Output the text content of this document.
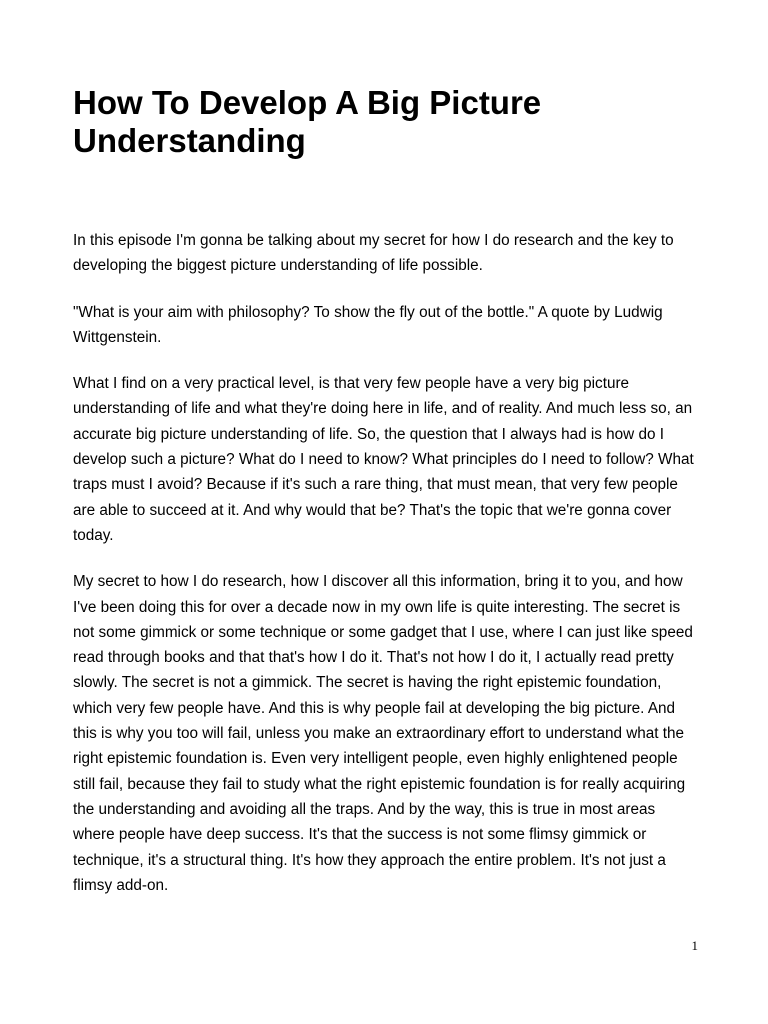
How To Develop A Big Picture Understanding

In this episode I'm gonna be talking about my secret for how I do research and the key to developing the biggest picture understanding of life possible.

"What is your aim with philosophy? To show the fly out of the bottle." A quote by Ludwig Wittgenstein.

What I find on a very practical level, is that very few people have a very big picture understanding of life and what they're doing here in life, and of reality. And much less so, an accurate big picture understanding of life. So, the question that I always had is how do I develop such a picture? What do I need to know? What principles do I need to follow? What traps must I avoid? Because if it's such a rare thing, that must mean, that very few people are able to succeed at it. And why would that be? That's the topic that we're gonna cover today.

My secret to how I do research, how I discover all this information, bring it to you, and how I've been doing this for over a decade now in my own life is quite interesting. The secret is not some gimmick or some technique or some gadget that I use, where I can just like speed read through books and that that's how I do it. That's not how I do it, I actually read pretty slowly. The secret is not a gimmick. The secret is having the right epistemic foundation, which very few people have. And this is why people fail at developing the big picture. And this is why you too will fail, unless you make an extraordinary effort to understand what the right epistemic foundation is. Even very intelligent people, even highly enlightened people still fail, because they fail to study what the right epistemic foundation is for really acquiring the understanding and avoiding all the traps. And by the way, this is true in most areas where people have deep success. It's that the success is not some flimsy gimmick or technique, it's a structural thing. It's how they approach the entire problem. It's not just a flimsy add-on.

1
